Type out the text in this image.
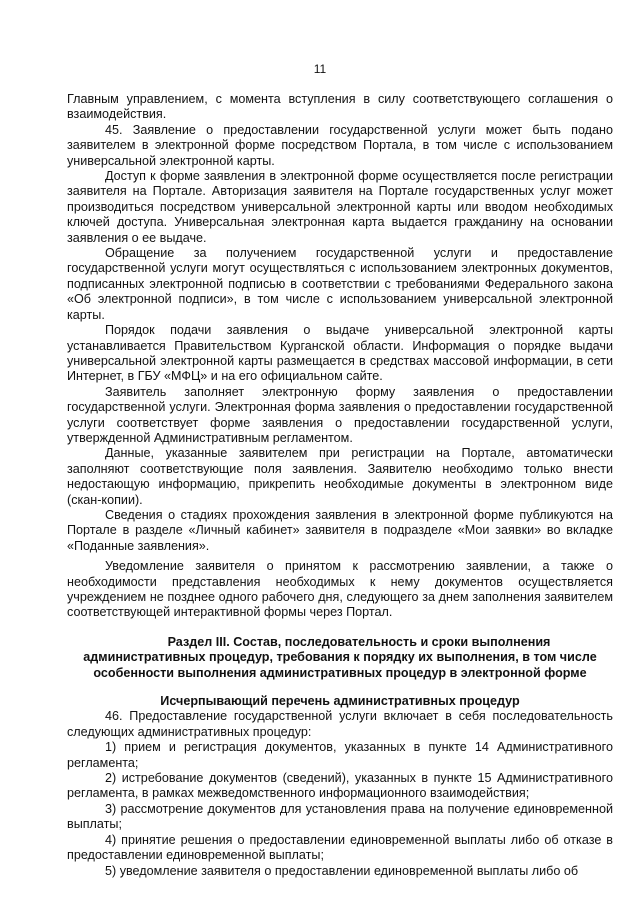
11

Главным управлением, с момента вступления в силу соответствующего соглашения о взаимодействия.

45. Заявление о предоставлении государственной услуги может быть подано заявителем в электронной форме посредством Портала, в том числе с использованием универсальной электронной карты.

Доступ к форме заявления в электронной форме осуществляется после регистрации заявителя на Портале. Авторизация заявителя на Портале государственных услуг может производиться посредством универсальной электронной карты или вводом необходимых ключей доступа. Универсальная электронная карта выдается гражданину на основании заявления о ее выдаче.

Обращение за получением государственной услуги и предоставление государственной услуги могут осуществляться с использованием электронных документов, подписанных электронной подписью в соответствии с требованиями Федерального закона «Об электронной подписи», в том числе с использованием универсальной электронной карты.

Порядок подачи заявления о выдаче универсальной электронной карты устанавливается Правительством Курганской области. Информация о порядке выдачи универсальной электронной карты размещается в средствах массовой информации, в сети Интернет, в ГБУ «МФЦ» и на его официальном сайте.

Заявитель заполняет электронную форму заявления о предоставлении государственной услуги. Электронная форма заявления о предоставлении государственной услуги соответствует форме заявления о предоставлении государственной услуги, утвержденной Административным регламентом.

Данные, указанные заявителем при регистрации на Портале, автоматически заполняют соответствующие поля заявления. Заявителю необходимо только внести недостающую информацию, прикрепить необходимые документы в электронном виде (скан-копии).

Сведения о стадиях прохождения заявления в электронной форме публикуются на Портале в разделе «Личный кабинет» заявителя в подразделе «Мои заявки» во вкладке «Поданные заявления».

Уведомление заявителя о принятом к рассмотрению заявлении, а также о необходимости представления необходимых к нему документов осуществляется учреждением не позднее одного рабочего дня, следующего за днем заполнения заявителем соответствующей интерактивной формы через Портал.

Раздел III. Состав, последовательность и сроки выполнения административных процедур, требования к порядку их выполнения, в том числе особенности выполнения административных процедур в электронной форме

Исчерпывающий перечень административных процедур

46. Предоставление государственной услуги включает в себя последовательность следующих административных процедур:

1) прием и регистрация документов, указанных в пункте 14 Административного регламента;

2) истребование документов (сведений), указанных в пункте 15 Административного регламента, в рамках межведомственного информационного взаимодействия;

3) рассмотрение документов для установления права на получение единовременной выплаты;

4) принятие решения о предоставлении единовременной выплаты либо об отказе в предоставлении единовременной выплаты;

5) уведомление заявителя о предоставлении единовременной выплаты либо об
